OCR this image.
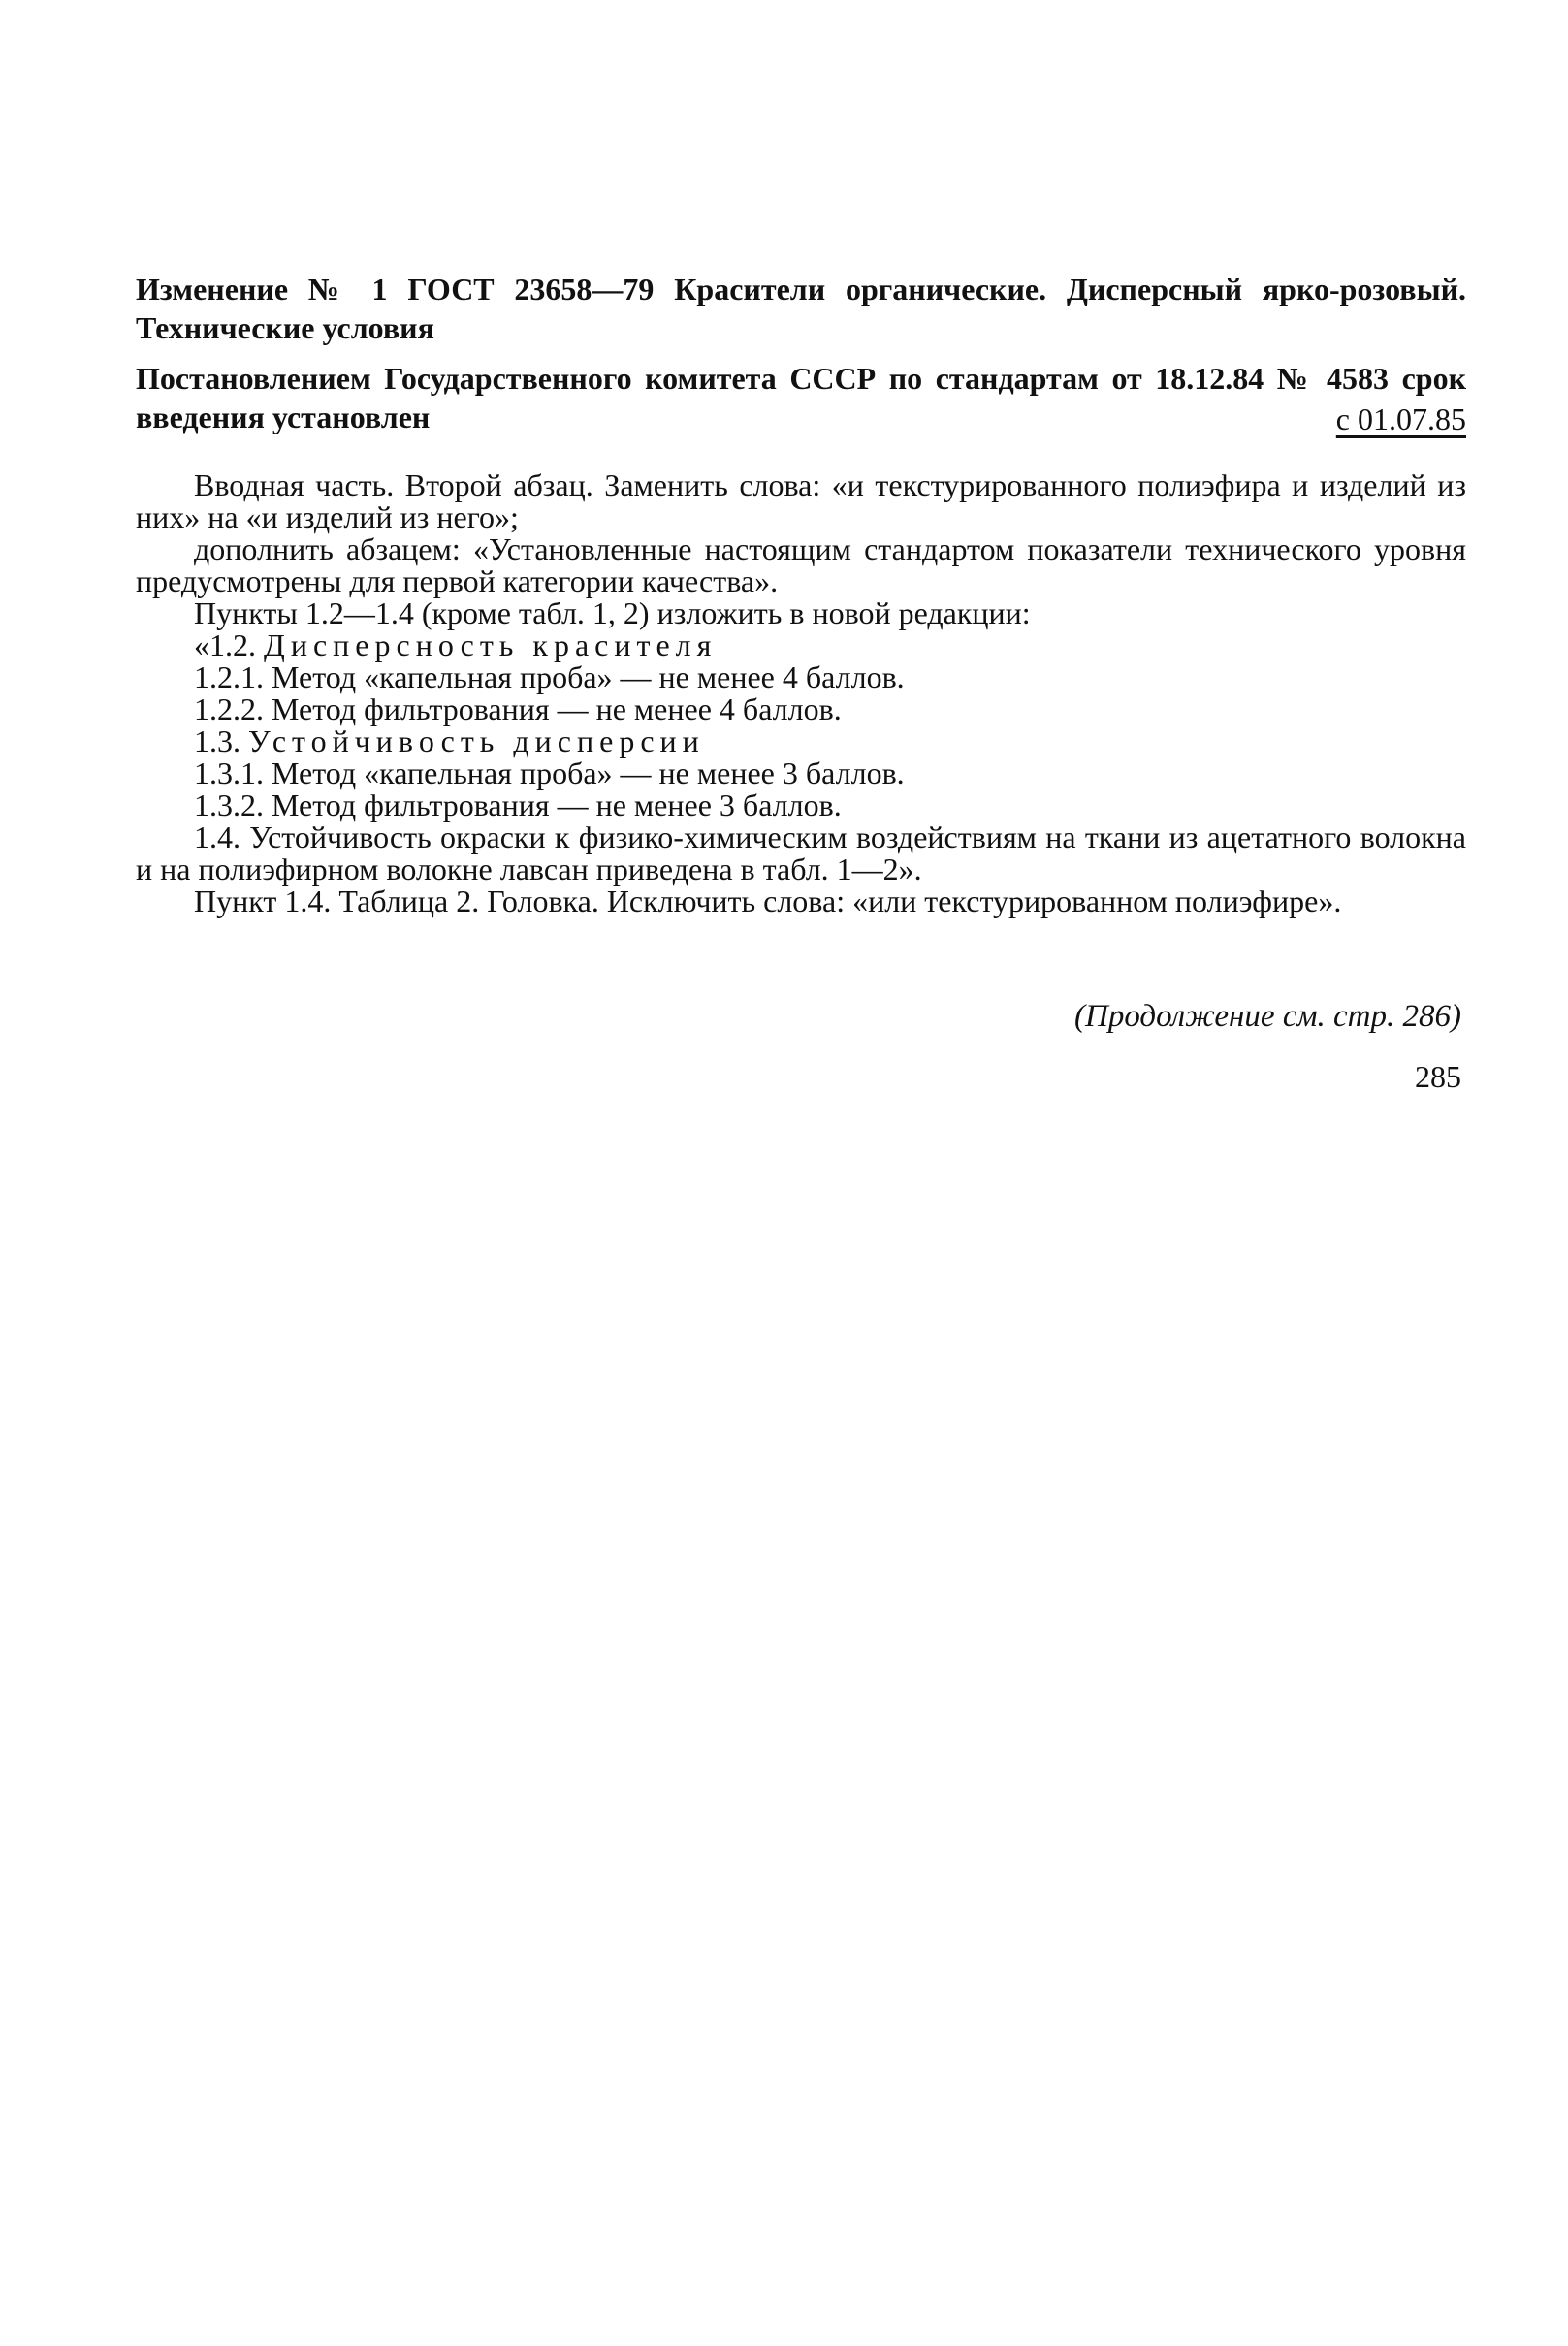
Изменение № 1 ГОСТ 23658—79 Красители органические. Дисперсный ярко-розовый. Технические условия

Постановлением Государственного комитета СССР по стандартам от 18.12.84 № 4583 срок введения установлен	с 01.07.85

Вводная часть. Второй абзац. Заменить слова: «и текстурированного полиэфира и изделий из них» на «и изделий из него»;

дополнить абзацем: «Установленные настоящим стандартом показатели технического уровня предусмотрены для первой категории качества».

Пункты 1.2—1.4 (кроме табл. 1, 2) изложить в новой редакции:

«1.2. Дисперсность красителя

1.2.1. Метод «капельная проба» — не менее 4 баллов.

1.2.2. Метод фильтрования — не менее 4 баллов.

1.3. Устойчивость дисперсии

1.3.1. Метод «капельная проба» — не менее 3 баллов.

1.3.2. Метод фильтрования — не менее 3 баллов.

1.4. Устойчивость окраски к физико-химическим воздействиям на ткани из ацетатного волокна и на полиэфирном волокне лавсан приведена в табл. 1—2».

Пункт 1.4. Таблица 2. Головка. Исключить слова: «или текстурированном полиэфире».

(Продолжение см. стр. 286)
285
